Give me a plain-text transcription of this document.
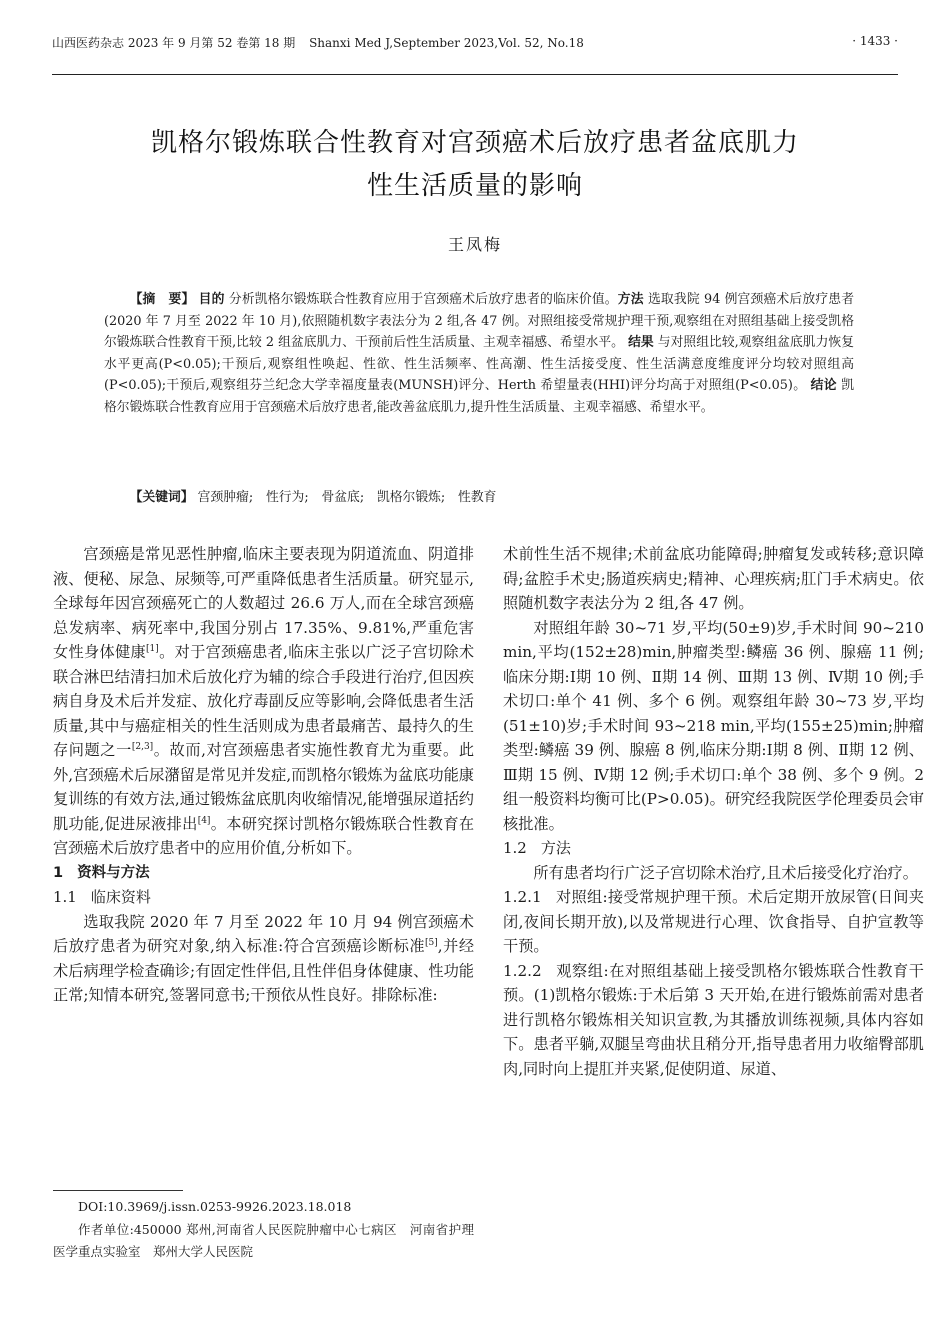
山西医药杂志 2023 年 9 月第 52 卷第 18 期 Shanxi Med J,September 2023,Vol. 52, No.18	· 1433 ·
凯格尔锻炼联合性教育对宫颈癌术后放疗患者盆底肌力
性生活质量的影响
王凤梅

【摘　要】 目的 分析凯格尔锻炼联合性教育应用于宫颈癌术后放疗患者的临床价值。方法 选取我院 94 例宫颈癌术后放疗患者(2020 年 7 月至 2022 年 10 月),依照随机数字表法分为 2 组,各 47 例。对照组接受常规护理干预,观察组在对照组基础上接受凯格尔锻炼联合性教育干预,比较 2 组盆底肌力、干预前后性生活质量、主观幸福感、希望水平。 结果 与对照组比较,观察组盆底肌力恢复水平更高(P<0.05);干预后,观察组性唤起、性欲、性生活频率、性高潮、性生活接受度、性生活满意度维度评分均较对照组高(P<0.05);干预后,观察组芬兰纪念大学幸福度量表(MUNSH)评分、Herth 希望量表(HHI)评分均高于对照组(P<0.05)。 结论 凯格尔锻炼联合性教育应用于宫颈癌术后放疗患者,能改善盆底肌力,提升性生活质量、主观幸福感、希望水平。

【关键词】 宫颈肿瘤;　性行为;　骨盆底;　凯格尔锻炼;　性教育

宫颈癌是常见恶性肿瘤,临床主要表现为阴道流血、阴道排液、便秘、尿急、尿频等,可严重降低患者生活质量。研究显示,全球每年因宫颈癌死亡的人数超过 26.6 万人,而在全球宫颈癌总发病率、病死率中,我国分别占 17.35%、9.81%,严重危害女性身体健康[1]。对于宫颈癌患者,临床主张以广泛子宫切除术联合淋巴结清扫加术后放化疗为辅的综合手段进行治疗,但因疾病自身及术后并发症、放化疗毒副反应等影响,会降低患者生活质量,其中与癌症相关的性生活则成为患者最痛苦、最持久的生存问题之一[2,3]。故而,对宫颈癌患者实施性教育尤为重要。此外,宫颈癌术后尿潴留是常见并发症,而凯格尔锻炼为盆底功能康复训练的有效方法,通过锻炼盆底肌肉收缩情况,能增强尿道括约肌功能,促进尿液排出[4]。本研究探讨凯格尔锻炼联合性教育在宫颈癌术后放疗患者中的应用价值,分析如下。

1 资料与方法

1.1 临床资料

选取我院 2020 年 7 月至 2022 年 10 月 94 例宫颈癌术后放疗患者为研究对象,纳入标准:符合宫颈癌诊断标准[5],并经术后病理学检查确诊;有固定性伴侣,且性伴侣身体健康、性功能正常;知情本研究,签署同意书;干预依从性良好。排除标准:

DOI:10.3969/j.issn.0253-9926.2023.18.018
作者单位:450000 郑州,河南省人民医院肿瘤中心七病区　河南省护理医学重点实验室　郑州大学人民医院

术前性生活不规律;术前盆底功能障碍;肿瘤复发或转移;意识障碍;盆腔手术史;肠道疾病史;精神、心理疾病;肛门手术病史。依照随机数字表法分为 2 组,各 47 例。

对照组年龄 30~71 岁,平均(50±9)岁,手术时间 90~210 min,平均(152±28)min,肿瘤类型:鳞癌 36 例、腺癌 11 例;临床分期:Ⅰ期 10 例、Ⅱ期 14 例、Ⅲ期 13 例、Ⅳ期 10 例;手术切口:单个 41 例、多个 6 例。观察组年龄 30~73 岁,平均(51±10)岁;手术时间 93~218 min,平均(155±25)min;肿瘤类型:鳞癌 39 例、腺癌 8 例,临床分期:Ⅰ期 8 例、Ⅱ期 12 例、Ⅲ期 15 例、Ⅳ期 12 例;手术切口:单个 38 例、多个 9 例。2 组一般资料均衡可比(P>0.05)。研究经我院医学伦理委员会审核批准。

1.2 方法

所有患者均行广泛子宫切除术治疗,且术后接受化疗治疗。

1.2.1 对照组:接受常规护理干预。术后定期开放尿管(日间夹闭,夜间长期开放),以及常规进行心理、饮食指导、自护宣教等干预。

1.2.2 观察组:在对照组基础上接受凯格尔锻炼联合性教育干预。(1)凯格尔锻炼:于术后第 3 天开始,在进行锻炼前需对患者进行凯格尔锻炼相关知识宣教,为其播放训练视频,具体内容如下。患者平躺,双腿呈弯曲状且稍分开,指导患者用力收缩臀部肌肉,同时向上提肛并夹紧,促使阴道、尿道、
